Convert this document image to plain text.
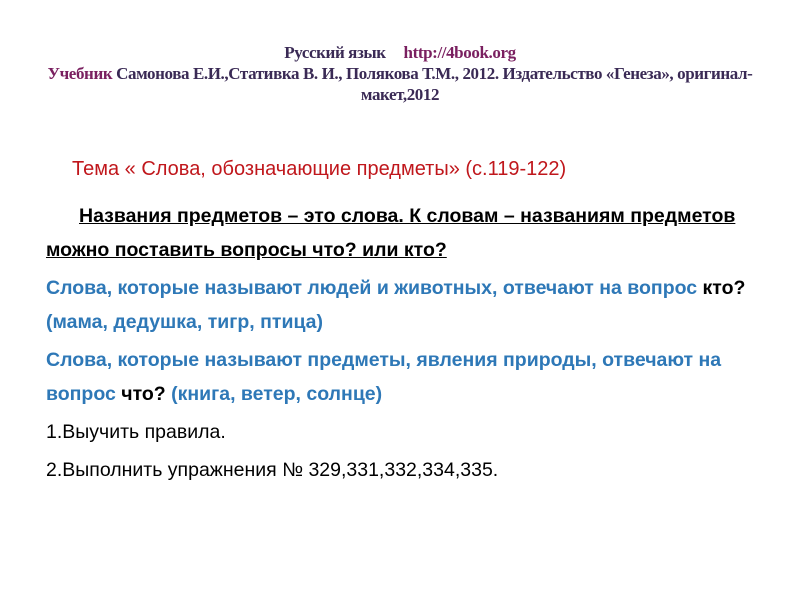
Русский язык http://4book.org
Учебник Самонова Е.И.,Стативка В. И., Полякова Т.М., 2012. Издательство «Генеза», оригинал- макет,2012
Тема « Слова, обозначающие предметы» (с.119-122)

Названия предметов – это слова. К словам – названиям предметов можно поставить вопросы что? или кто?

Слова, которые называют людей и животных, отвечают на вопрос кто? (мама, дедушка, тигр, птица)

Слова, которые называют предметы, явления природы, отвечают на вопрос что? (книга, ветер, солнце)

1.Выучить правила.

2.Выполнить упражнения № 329,331,332,334,335.
